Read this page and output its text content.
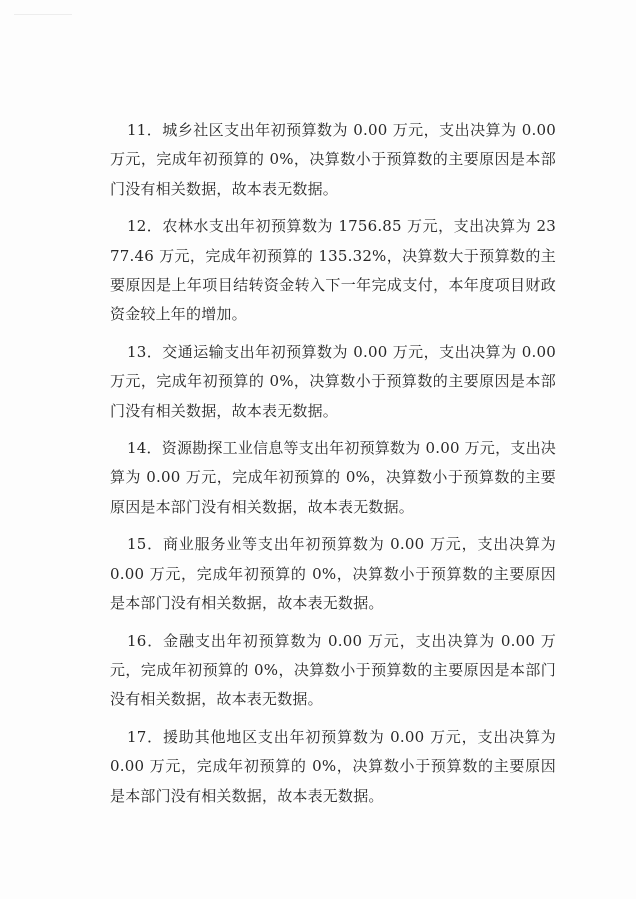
11．城乡社区支出年初预算数为 0.00 万元，支出决算为 0.00 万元，完成年初预算的 0%，决算数小于预算数的主要原因是本部门没有相关数据，故本表无数据。

12．农林水支出年初预算数为 1756.85 万元，支出决算为 2377.46 万元，完成年初预算的 135.32%，决算数大于预算数的主要原因是上年项目结转资金转入下一年完成支付，本年度项目财政资金较上年的增加。

13．交通运输支出年初预算数为 0.00 万元，支出决算为 0.00 万元，完成年初预算的 0%，决算数小于预算数的主要原因是本部门没有相关数据，故本表无数据。

14．资源勘探工业信息等支出年初预算数为 0.00 万元，支出决算为 0.00 万元，完成年初预算的 0%，决算数小于预算数的主要原因是本部门没有相关数据，故本表无数据。

15．商业服务业等支出年初预算数为 0.00 万元，支出决算为 0.00 万元，完成年初预算的 0%，决算数小于预算数的主要原因是本部门没有相关数据，故本表无数据。

16．金融支出年初预算数为 0.00 万元，支出决算为 0.00 万元，完成年初预算的 0%，决算数小于预算数的主要原因是本部门没有相关数据，故本表无数据。

17．援助其他地区支出年初预算数为 0.00 万元，支出决算为 0.00 万元，完成年初预算的 0%，决算数小于预算数的主要原因是本部门没有相关数据，故本表无数据。
